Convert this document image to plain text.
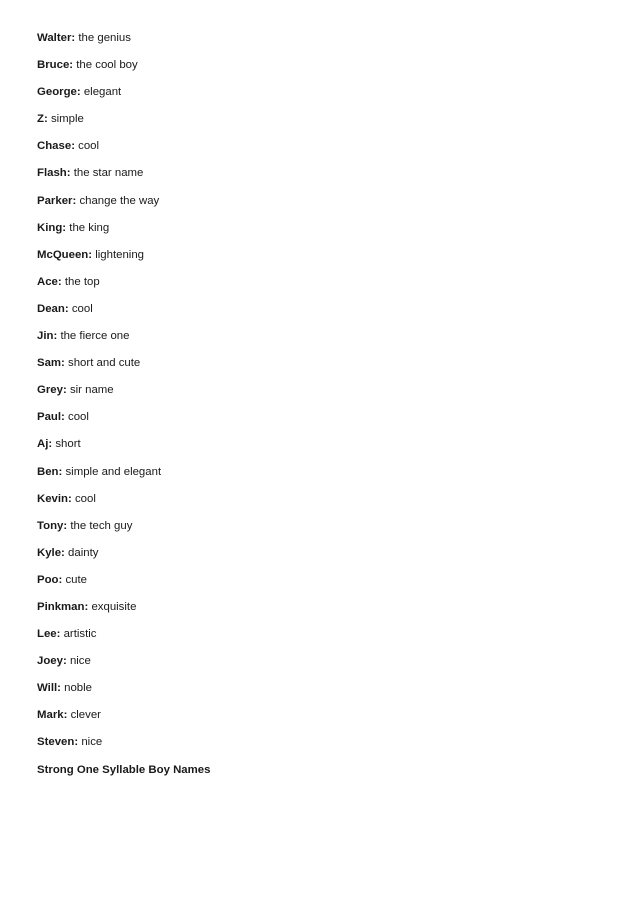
Walter: the genius
Bruce: the cool boy
George: elegant
Z: simple
Chase: cool
Flash: the star name
Parker: change the way
King: the king
McQueen: lightening
Ace: the top
Dean: cool
Jin: the fierce one
Sam: short and cute
Grey: sir name
Paul: cool
Aj: short
Ben: simple and elegant
Kevin: cool
Tony: the tech guy
Kyle: dainty
Poo: cute
Pinkman: exquisite
Lee: artistic
Joey: nice
Will: noble
Mark: clever
Steven: nice
Strong One Syllable Boy Names
